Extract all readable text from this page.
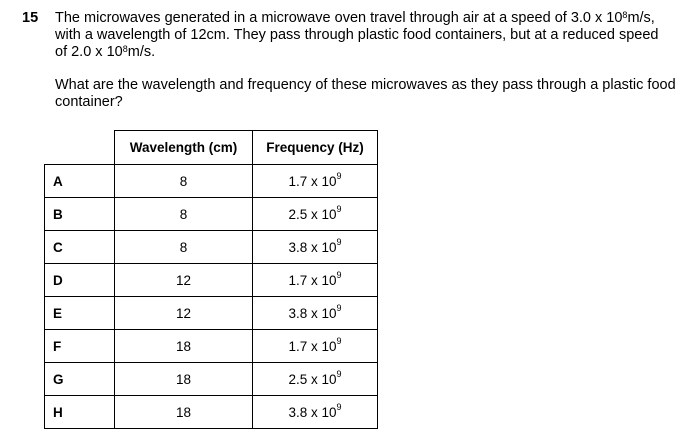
15 The microwaves generated in a microwave oven travel through air at a speed of 3.0 x $10^8m/s$,
with a wavelength of 12cm. They pass through plastic food containers, but at a reduced speed
of 2.0 x $10^8m/s$.

What are the wavelength and frequency of these microwaves as they pass through a plastic food container?

	Wavelength (cm)	Frequency (Hz)
A	8	1.7 x $10^9$
B	8	2.5 x $10^9$
C	8	3.8 x $10^9$
D	12	1.7 x $10^9$
E	12	3.8 x $10^9$
F	18	1.7 x $10^9$
G	18	2.5 x $10^9$
H	18	3.8 x $10^9$
